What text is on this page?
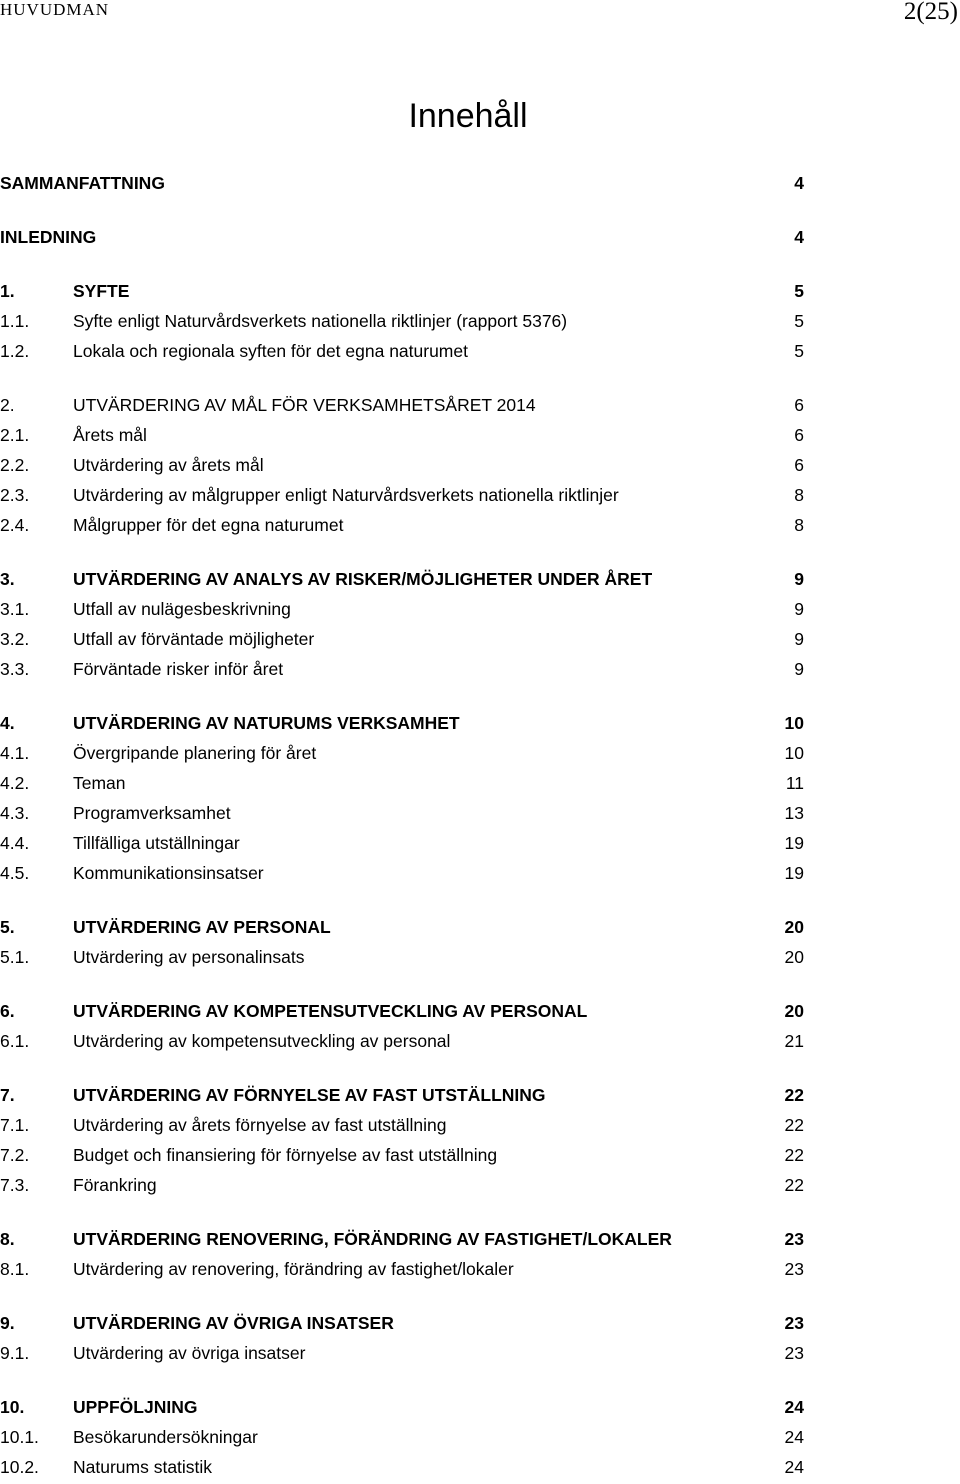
HUVUDMAN	2(25)
Innehåll
SAMMANFATTNING	4
INLEDNING	4
1.	SYFTE	5
1.1.	Syfte enligt Naturvårdsverkets nationella riktlinjer (rapport 5376)	5
1.2.	Lokala och regionala syften för det egna naturumet	5
2.	UTVÄRDERING AV MÅL FÖR VERKSAMHETSÅRET 2014	6
2.1.	Årets mål	6
2.2.	Utvärdering av årets mål	6
2.3.	Utvärdering av målgrupper enligt Naturvårdsverkets nationella riktlinjer	8
2.4.	Målgrupper för det egna naturumet	8
3.	UTVÄRDERING AV ANALYS AV RISKER/MÖJLIGHETER UNDER ÅRET	9
3.1.	Utfall av nulägesbeskrivning	9
3.2.	Utfall av förväntade möjligheter	9
3.3.	Förväntade risker inför året	9
4.	UTVÄRDERING AV NATURUMS VERKSAMHET	10
4.1.	Övergripande planering för året	10
4.2.	Teman	11
4.3.	Programverksamhet	13
4.4.	Tillfälliga utställningar	19
4.5.	Kommunikationsinsatser	19
5.	UTVÄRDERING AV PERSONAL	20
5.1.	Utvärdering av personalinsats	20
6.	UTVÄRDERING AV KOMPETENSUTVECKLING AV PERSONAL	20
6.1.	Utvärdering av kompetensutveckling av personal	21
7.	UTVÄRDERING AV FÖRNYELSE AV FAST UTSTÄLLNING	22
7.1.	Utvärdering av årets förnyelse av fast utställning	22
7.2.	Budget och finansiering för förnyelse av fast utställning	22
7.3.	Förankring	22
8.	UTVÄRDERING RENOVERING, FÖRÄNDRING AV FASTIGHET/LOKALER	23
8.1.	Utvärdering av renovering, förändring av fastighet/lokaler	23
9.	UTVÄRDERING AV ÖVRIGA INSATSER	23
9.1.	Utvärdering av övriga insatser	23
10.	UPPFÖLJNING	24
10.1. Besökarundersökningar	24
10.2. Naturums statistik	24
